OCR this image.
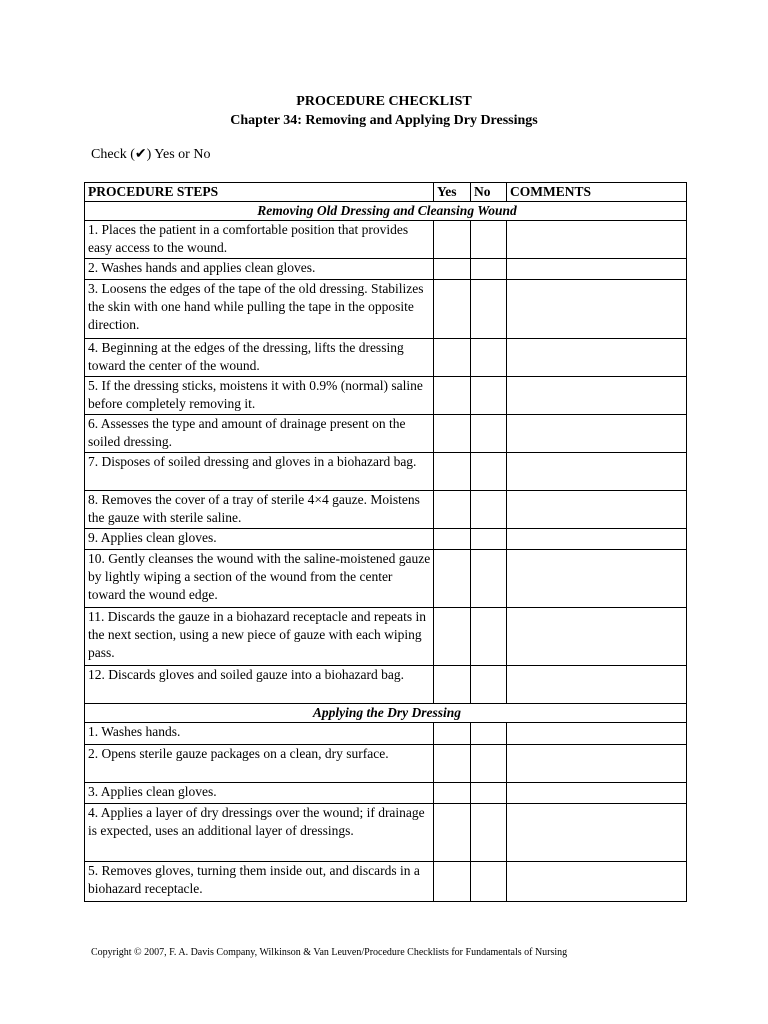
PROCEDURE CHECKLIST
Chapter 34: Removing and Applying Dry Dressings
Check (✔) Yes or No
PROCEDURE STEPS	Yes	No	COMMENTS
Removing Old Dressing and Cleansing Wound			
1. Places the patient in a comfortable position that provides easy access to the wound.			
2. Washes hands and applies clean gloves.			
3. Loosens the edges of the tape of the old dressing. Stabilizes the skin with one hand while pulling the tape in the opposite direction.			
4. Beginning at the edges of the dressing, lifts the dressing toward the center of the wound.			
5. If the dressing sticks, moistens it with 0.9% (normal) saline before completely removing it.			
6. Assesses the type and amount of drainage present on the soiled dressing.			
7. Disposes of soiled dressing and gloves in a biohazard bag.			
8. Removes the cover of a tray of sterile 4×4 gauze. Moistens the gauze with sterile saline.			
9. Applies clean gloves.			
10. Gently cleanses the wound with the saline-moistened gauze by lightly wiping a section of the wound from the center toward the wound edge.			
11. Discards the gauze in a biohazard receptacle and repeats in the next section, using a new piece of gauze with each wiping pass.			
12. Discards gloves and soiled gauze into a biohazard bag.			
Applying the Dry Dressing			
1. Washes hands.			
2. Opens sterile gauze packages on a clean, dry surface.			
3. Applies clean gloves.			
4. Applies a layer of dry dressings over the wound; if drainage is expected, uses an additional layer of dressings.			
5. Removes gloves, turning them inside out, and discards in a biohazard receptacle.			
Copyright © 2007, F. A. Davis Company, Wilkinson & Van Leuven/Procedure Checklists for Fundamentals of Nursing
